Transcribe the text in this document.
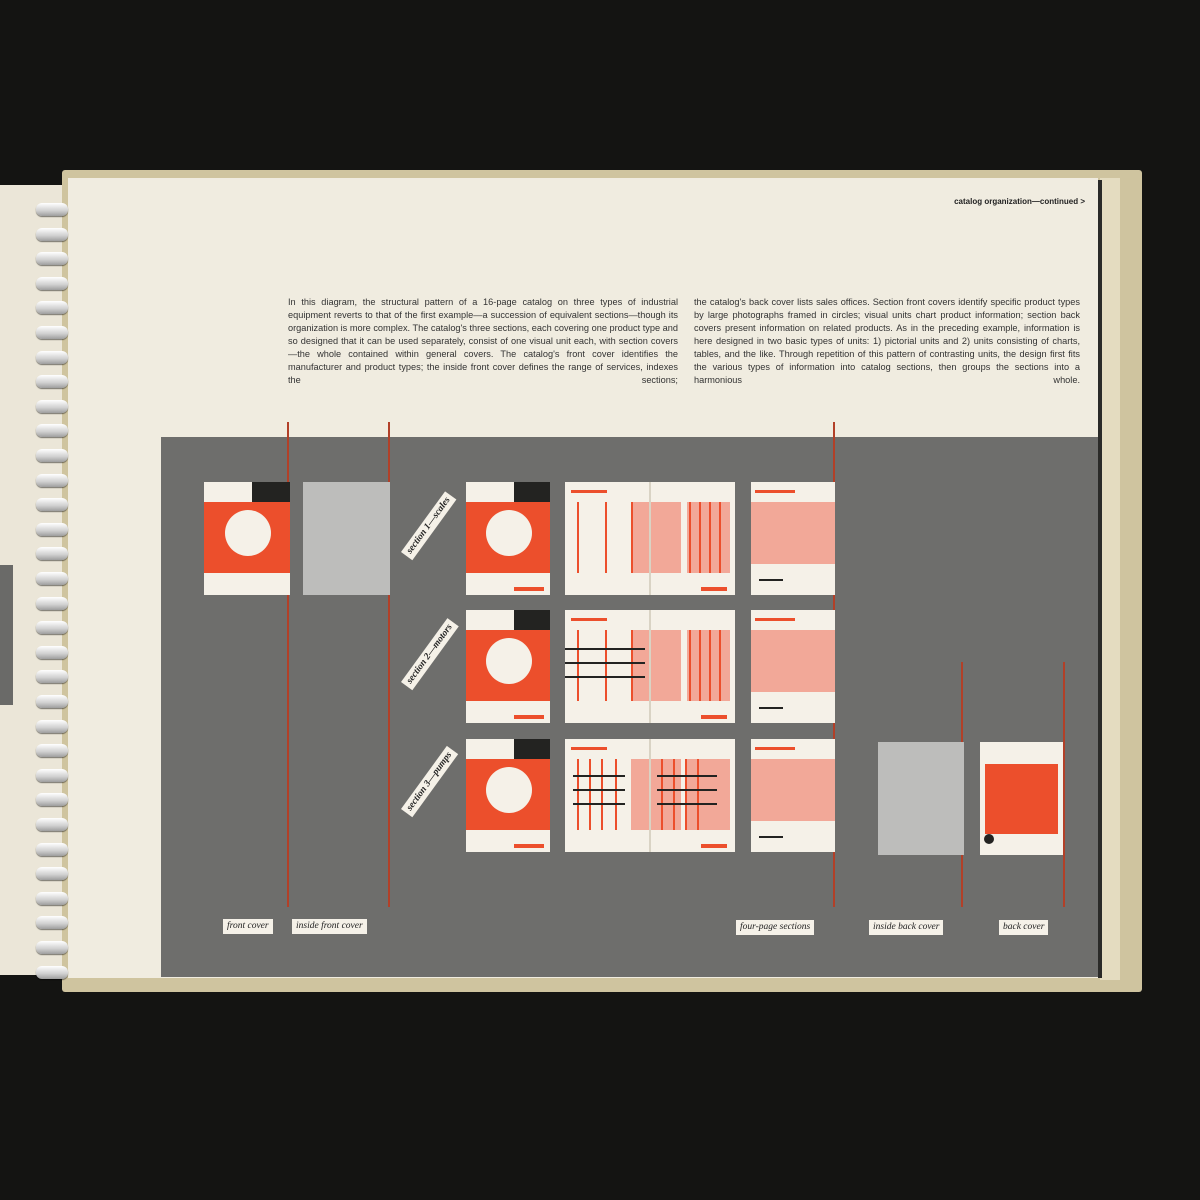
catalog organization—continued >
In this diagram, the structural pattern of a 16-page catalog on three types of industrial equipment reverts to that of the first example—a succession of equivalent sections—though its organization is more complex. The catalog's three sections, each covering one product type and so designed that it can be used separately, consist of one visual unit each, with section covers—the whole contained within general covers. The catalog's front cover identifies the manufacturer and product types; the inside front cover defines the range of services, indexes the sections;
the catalog's back cover lists sales offices. Section front covers identify specific product types by large photographs framed in circles; visual units chart product information; section back covers present information on related products. As in the preceding example, information is here designed in two basic types of units: 1) pictorial units and 2) units consisting of charts, tables, and the like. Through repetition of this pattern of contrasting units, the design first fits the various types of information into catalog sections, then groups the sections into a harmonious whole.
section 1—scales
section 2—motors
section 3—pumps
front cover	inside front cover	four-page sections	inside back cover	back cover
